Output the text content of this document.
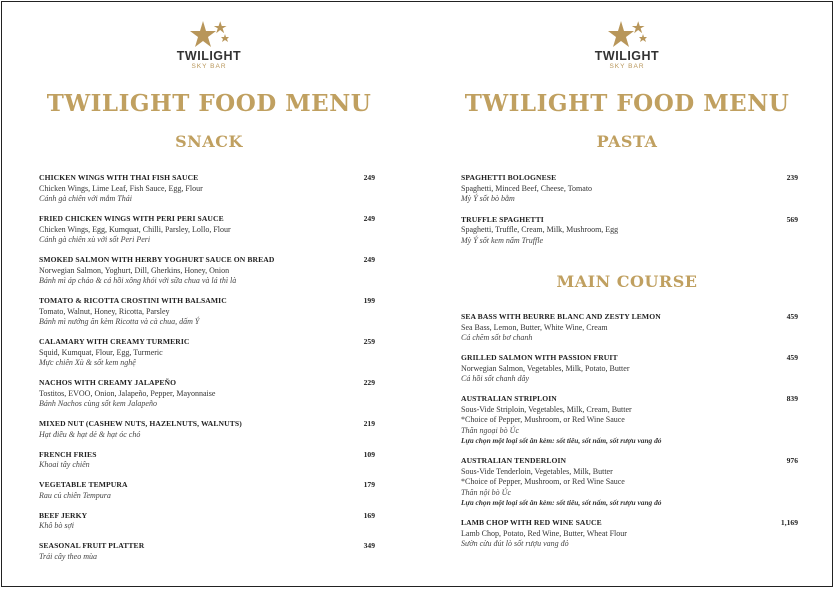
TWILIGHT
SKY BAR
TWILIGHT FOOD MENU
SNACK
CHICKEN WINGS WITH THAI FISH SAUCE
Chicken Wings, Lime Leaf, Fish Sauce, Egg, Flour
Cánh gà chiên với mắm Thái
249
FRIED CHICKEN WINGS WITH PERI PERI SAUCE
Chicken Wings, Egg, Kumquat, Chilli, Parsley, Lollo, Flour
Cánh gà chiên xù với sốt Peri Peri
249
SMOKED SALMON WITH HERBY YOGHURT SAUCE ON BREAD
Norwegian Salmon, Yoghurt, Dill, Gherkins, Honey, Onion
Bánh mì áp chảo & cá hồi xông khói với sữa chua và lá thì là
249
TOMATO & RICOTTA CROSTINI WITH BALSAMIC
Tomato, Walnut, Honey, Ricotta, Parsley
Bánh mì nướng ăn kèm Ricotta và cà chua, dấm Ý
199
CALAMARY WITH CREAMY TURMERIC
Squid, Kumquat, Flour, Egg, Turmeric
Mực chiên Xù & sốt kem nghệ
259
NACHOS WITH CREAMY JALAPEÑO
Tostitos, EVOO, Onion, Jalapeño, Pepper, Mayonnaise
Bánh Nachos cùng sốt kem Jalapeño
229
MIXED NUT (CASHEW NUTS, HAZELNUTS, WALNUTS)
Hạt điều & hạt dẻ & hạt óc chó
219
FRENCH FRIES
Khoai tây chiên
109
VEGETABLE TEMPURA
Rau củ chiên Tempura
179
BEEF JERKY
Khô bò sợi
169
SEASONAL FRUIT PLATTER
Trái cây theo mùa
349
TWILIGHT
SKY BAR
TWILIGHT FOOD MENU
PASTA
SPAGHETTI BOLOGNESE
Spaghetti, Minced Beef, Cheese, Tomato
Mỳ Ý sốt bò bằm
239
TRUFFLE SPAGHETTI
Spaghetti, Truffle, Cream, Milk, Mushroom, Egg
Mỳ Ý sốt kem nấm Truffle
569
MAIN COURSE
SEA BASS WITH BEURRE BLANC AND ZESTY LEMON
Sea Bass, Lemon, Butter, White Wine, Cream
Cá chẽm sốt bơ chanh
459
GRILLED SALMON WITH PASSION FRUIT
Norwegian Salmon, Vegetables, Milk, Potato, Butter
Cá hồi sốt chanh dây
459
AUSTRALIAN STRIPLOIN
Sous-Vide Striploin, Vegetables, Milk, Cream, Butter
*Choice of Pepper, Mushroom, or Red Wine Sauce
Thăn ngoại bò Úc
Lựa chọn một loại sốt ăn kèm: sốt tiêu, sốt nấm, sốt rượu vang đỏ
839
AUSTRALIAN TENDERLOIN
Sous-Vide Tenderloin, Vegetables, Milk, Butter
*Choice of Pepper, Mushroom, or Red Wine Sauce
Thăn nội bò Úc
Lựa chọn một loại sốt ăn kèm: sốt tiêu, sốt nấm, sốt rượu vang đỏ
976
LAMB CHOP WITH RED WINE SAUCE
Lamb Chop, Potato, Red Wine, Butter, Wheat Flour
Sườn cừu đút lò sốt rượu vang đỏ
1,169
